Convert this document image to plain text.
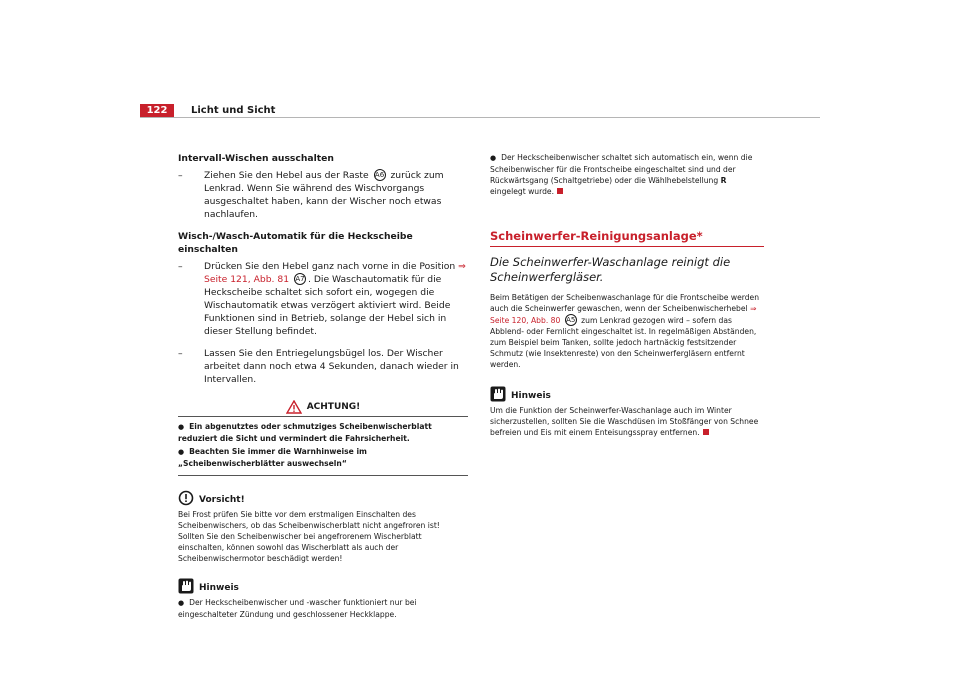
122	Licht und Sicht

Intervall-Wischen ausschalten

– Ziehen Sie den Hebel aus der Raste A6 zurück zum Lenkrad. Wenn Sie während des Wischvorgangs ausgeschaltet haben, kann der Wischer noch etwas nachlaufen.

Wisch-/Wasch-Automatik für die Heckscheibe einschalten

– Drücken Sie den Hebel ganz nach vorne in die Position ⇒ Seite 121, Abb. 81 A7 . Die Waschautomatik für die Heckscheibe schaltet sich sofort ein, wogegen die Wischautomatik etwas verzögert aktiviert wird. Beide Funktionen sind in Betrieb, solange der Hebel sich in dieser Stellung befindet.

– Lassen Sie den Entriegelungsbügel los. Der Wischer arbeitet dann noch etwa 4 Sekunden, danach wieder in Intervallen.

ACHTUNG!

● Ein abgenutztes oder schmutziges Scheibenwischerblatt reduziert die Sicht und vermindert die Fahrsicherheit.

● Beachten Sie immer die Warnhinweise im „Scheibenwischerblätter auswechseln“

Vorsicht!

Bei Frost prüfen Sie bitte vor dem erstmaligen Einschalten des Scheibenwischers, ob das Scheibenwischerblatt nicht angefroren ist! Sollten Sie den Scheibenwischer bei angefrorenem Wischerblatt einschalten, können sowohl das Wischerblatt als auch der Scheibenwischermotor beschädigt werden!

Hinweis

● Der Heckscheibenwischer und -wascher funktioniert nur bei eingeschalteter Zündung und geschlossener Heckklappe.

● Der Heckscheibenwischer schaltet sich automatisch ein, wenn die Scheibenwischer für die Frontscheibe eingeschaltet sind und der Rückwärtsgang (Schaltgetriebe) oder die Wählhebelstellung R eingelegt wurde.

Scheinwerfer-Reinigungsanlage*

Die Scheinwerfer-Waschanlage reinigt die Scheinwerfergläser.

Beim Betätigen der Scheibenwaschanlage für die Frontscheibe werden auch die Scheinwerfer gewaschen, wenn der Scheibenwischerhebel ⇒ Seite 120, Abb. 80 A5 zum Lenkrad gezogen wird – sofern das Abblend- oder Fernlicht eingeschaltet ist. In regelmäßigen Abständen, zum Beispiel beim Tanken, sollte jedoch hartnäckig festsitzender Schmutz (wie Insektenreste) von den Scheinwerfergläsern entfernt werden.

Hinweis

Um die Funktion der Scheinwerfer-Waschanlage auch im Winter sicherzustellen, sollten Sie die Waschdüsen im Stoßfänger von Schnee befreien und Eis mit einem Enteisungsspray entfernen.
